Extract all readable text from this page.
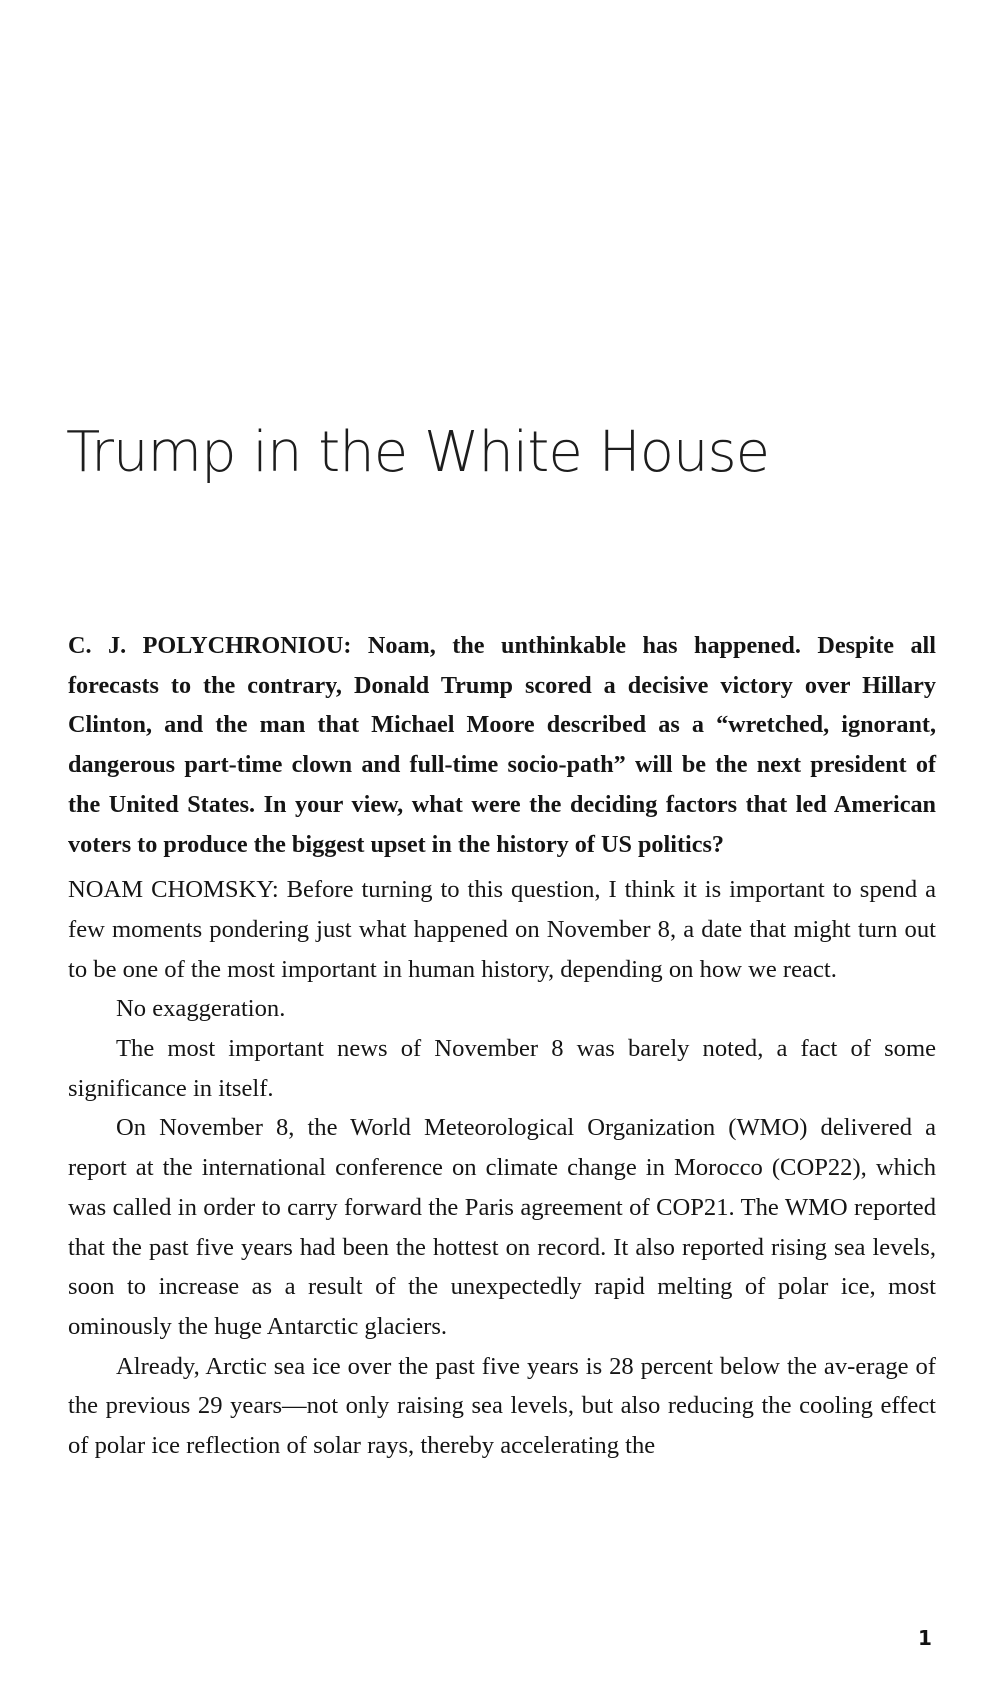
Trump in the White House

C. J. POLYCHRONIOU: Noam, the unthinkable has happened. Despite all forecasts to the contrary, Donald Trump scored a decisive victory over Hillary Clinton, and the man that Michael Moore described as a “wretched, ignorant, dangerous part-time clown and full-time socio-path” will be the next president of the United States. In your view, what were the deciding factors that led American voters to produce the biggest upset in the history of US politics?

NOAM CHOMSKY: Before turning to this question, I think it is important to spend a few moments pondering just what happened on November 8, a date that might turn out to be one of the most important in human history, depending on how we react.

No exaggeration.

The most important news of November 8 was barely noted, a fact of some significance in itself.

On November 8, the World Meteorological Organization (WMO) delivered a report at the international conference on climate change in Morocco (COP22), which was called in order to carry forward the Paris agreement of COP21. The WMO reported that the past five years had been the hottest on record. It also reported rising sea levels, soon to increase as a result of the unexpectedly rapid melting of polar ice, most ominously the huge Antarctic glaciers.

Already, Arctic sea ice over the past five years is 28 percent below the av-erage of the previous 29 years—not only raising sea levels, but also reducing the cooling effect of polar ice reflection of solar rays, thereby accelerating the

1
